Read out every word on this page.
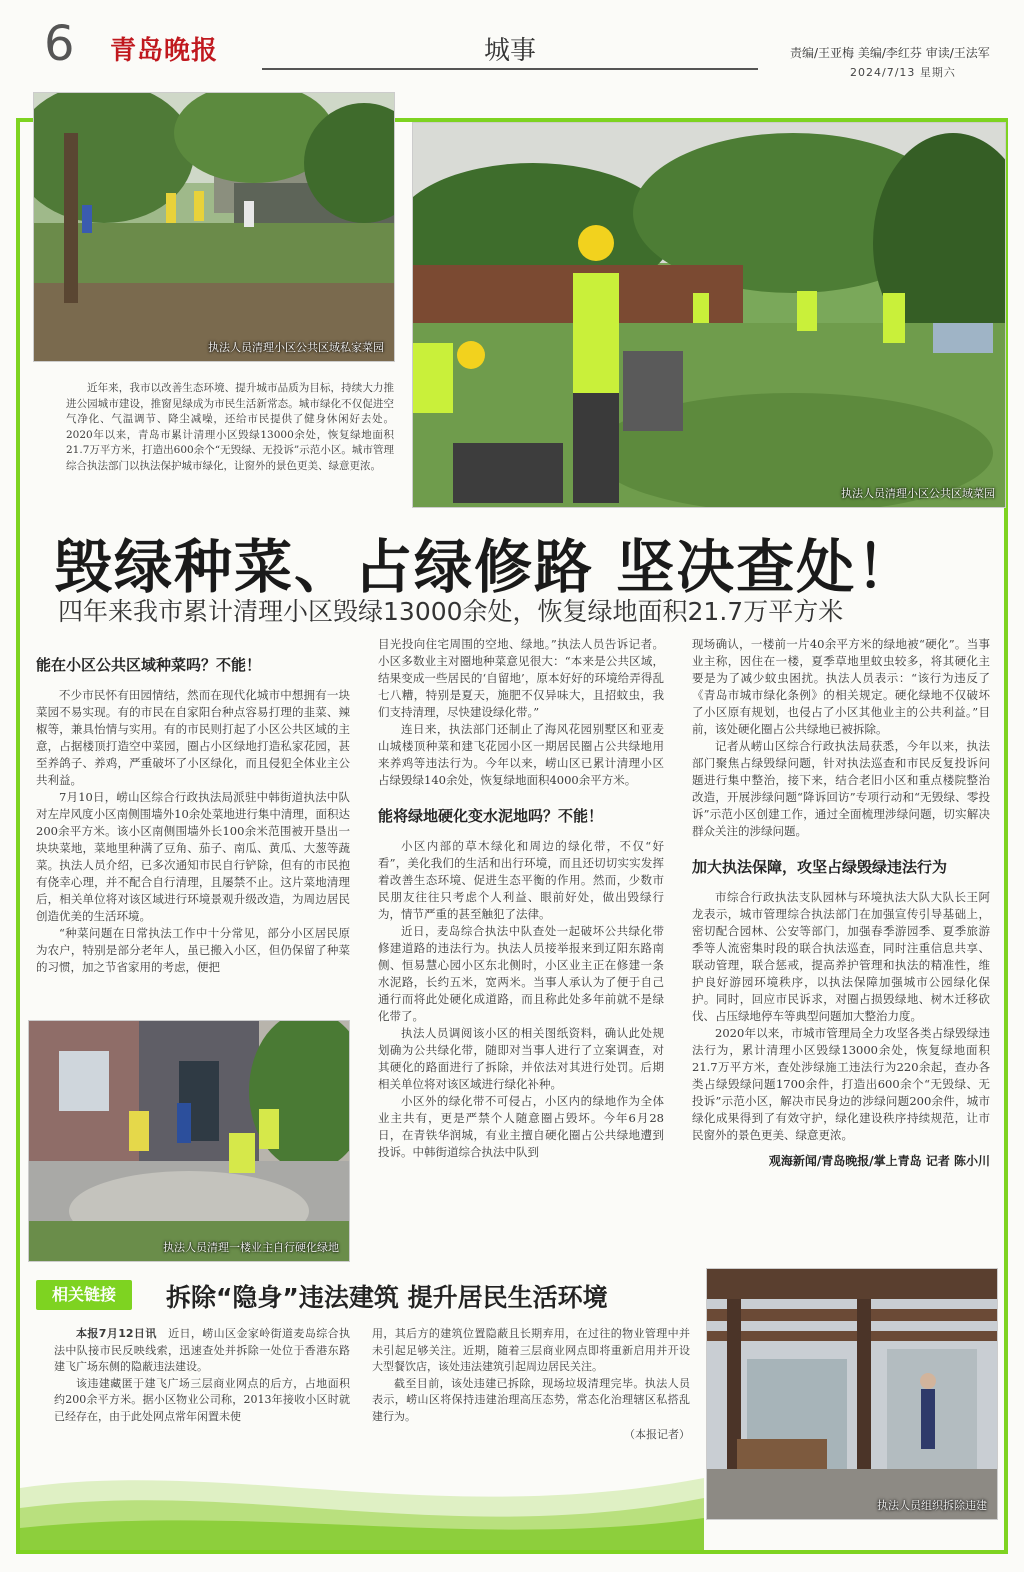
6 青岛晚报	城事	责编/王亚梅 美编/李红芬 审读/王法军
2024/7/13 星期六
执法人员清理小区公共区域私家菜园
执法人员清理小区公共区域菜园

近年来，我市以改善生态环境、提升城市品质为目标，持续大力推进公园城市建设，推窗见绿成为市民生活新常态。城市绿化不仅促进空气净化、气温调节、降尘减噪，还给市民提供了健身休闲好去处。2020年以来，青岛市累计清理小区毁绿13000余处，恢复绿地面积21.7万平方米，打造出600余个“无毁绿、无投诉”示范小区。城市管理综合执法部门以执法保护城市绿化，让窗外的景色更美、绿意更浓。

毁绿种菜、占绿修路 坚决查处！
四年来我市累计清理小区毁绿13000余处，恢复绿地面积21.7万平方米
能在小区公共区域种菜吗？不能！

不少市民怀有田园情结，然而在现代化城市中想拥有一块菜园不易实现。有的市民在自家阳台种点容易打理的韭菜、辣椒等，兼具怡情与实用。有的市民则打起了小区公共区域的主意，占据楼顶打造空中菜园，圈占小区绿地打造私家花园，甚至养鸽子、养鸡，严重破坏了小区绿化，而且侵犯全体业主公共利益。

7月10日，崂山区综合行政执法局派驻中韩街道执法中队对左岸风度小区南侧围墙外10余处菜地进行集中清理，面积达200余平方米。该小区南侧围墙外长100余米范围被开垦出一块块菜地，菜地里种满了豆角、茄子、南瓜、黄瓜、大葱等蔬菜。执法人员介绍，已多次通知市民自行铲除，但有的市民抱有侥幸心理，并不配合自行清理，且屡禁不止。这片菜地清理后，相关单位将对该区域进行环境景观升级改造，为周边居民创造优美的生活环境。

“种菜问题在日常执法工作中十分常见，部分小区居民原为农户，特别是部分老年人，虽已搬入小区，但仍保留了种菜的习惯，加之节省家用的考虑，便把

执法人员清理一楼业主自行硬化绿地

目光投向住宅周围的空地、绿地。”执法人员告诉记者。小区多数业主对圈地种菜意见很大：“本来是公共区域，结果变成一些居民的‘自留地’，原本好好的环境给弄得乱七八糟，特别是夏天，施肥不仅异味大，且招蚊虫，我们支持清理，尽快建设绿化带。”

连日来，执法部门还制止了海风花园别墅区和亚麦山城楼顶种菜和建飞花园小区一期居民圈占公共绿地用来养鸡等违法行为。今年以来，崂山区已累计清理小区占绿毁绿140余处，恢复绿地面积4000余平方米。

能将绿地硬化变水泥地吗？不能！

小区内部的草木绿化和周边的绿化带，不仅“好看”，美化我们的生活和出行环境，而且还切切实实发挥着改善生态环境、促进生态平衡的作用。然而，少数市民朋友往往只考虑个人利益、眼前好处，做出毁绿行为，情节严重的甚至触犯了法律。

近日，麦岛综合执法中队查处一起破坏公共绿化带修建道路的违法行为。执法人员接举报来到辽阳东路南侧、恒易慧心园小区东北侧时，小区业主正在修建一条水泥路，长约五米，宽两米。当事人承认为了便于自己通行而将此处硬化成道路，而且称此处多年前就不是绿化带了。

执法人员调阅该小区的相关图纸资料，确认此处规划确为公共绿化带，随即对当事人进行了立案调查，对其硬化的路面进行了拆除，并依法对其进行处罚。后期相关单位将对该区域进行绿化补种。

小区外的绿化带不可侵占，小区内的绿地作为全体业主共有，更是严禁个人随意圈占毁坏。今年6月28日，在青铁华润城，有业主擅自硬化圈占公共绿地遭到投诉。中韩街道综合执法中队到

现场确认，一楼前一片40余平方米的绿地被“硬化”。当事业主称，因住在一楼，夏季草地里蚊虫较多，将其硬化主要是为了减少蚊虫困扰。执法人员表示：“该行为违反了《青岛市城市绿化条例》的相关规定。硬化绿地不仅破坏了小区原有规划，也侵占了小区其他业主的公共利益。”目前，该处硬化圈占公共绿地已被拆除。

记者从崂山区综合行政执法局获悉，今年以来，执法部门聚焦占绿毁绿问题，针对执法巡查和市民反复投诉问题进行集中整治，接下来，结合老旧小区和重点楼院整治改造，开展涉绿问题“降诉回访”专项行动和“无毁绿、零投诉”示范小区创建工作，通过全面梳理涉绿问题，切实解决群众关注的涉绿问题。

加大执法保障，攻坚占绿毁绿违法行为

市综合行政执法支队园林与环境执法大队大队长王阿龙表示，城市管理综合执法部门在加强宣传引导基础上，密切配合园林、公安等部门，加强春季游园季、夏季旅游季等人流密集时段的联合执法巡查，同时注重信息共享、联动管理，联合惩戒，提高养护管理和执法的精准性，维护良好游园环境秩序，以执法保障加强城市公园绿化保护。同时，回应市民诉求，对圈占损毁绿地、树木迁移砍伐、占压绿地停车等典型问题加大整治力度。

2020年以来，市城市管理局全力攻坚各类占绿毁绿违法行为，累计清理小区毁绿13000余处，恢复绿地面积21.7万平方米，查处涉绿施工违法行为220余起，查办各类占绿毁绿问题1700余件，打造出600余个“无毁绿、无投诉”示范小区，解决市民身边的涉绿问题200余件，城市绿化成果得到了有效守护，绿化建设秩序持续规范，让市民窗外的景色更美、绿意更浓。

观海新闻/青岛晚报/掌上青岛 记者 陈小川
相关链接	拆除“隐身”违法建筑 提升居民生活环境

本报7月12日讯  近日，崂山区金家岭街道麦岛综合执法中队接市民反映线索，迅速查处并拆除一处位于香港东路建飞广场东侧的隐蔽违法建设。

该违建藏匿于建飞广场三层商业网点的后方，占地面积约200余平方米。据小区物业公司称，2013年接收小区时就已经存在，由于此处网点常年闲置未使

用，其后方的建筑位置隐蔽且长期弃用，在过往的物业管理中并未引起足够关注。近期，随着三层商业网点即将重新启用并开设大型餐饮店，该处违法建筑引起周边居民关注。

截至目前，该处违建已拆除，现场垃圾清理完毕。执法人员表示，崂山区将保持违建治理高压态势，常态化治理辖区私搭乱建行为。

（本报记者）
执法人员组织拆除违建
